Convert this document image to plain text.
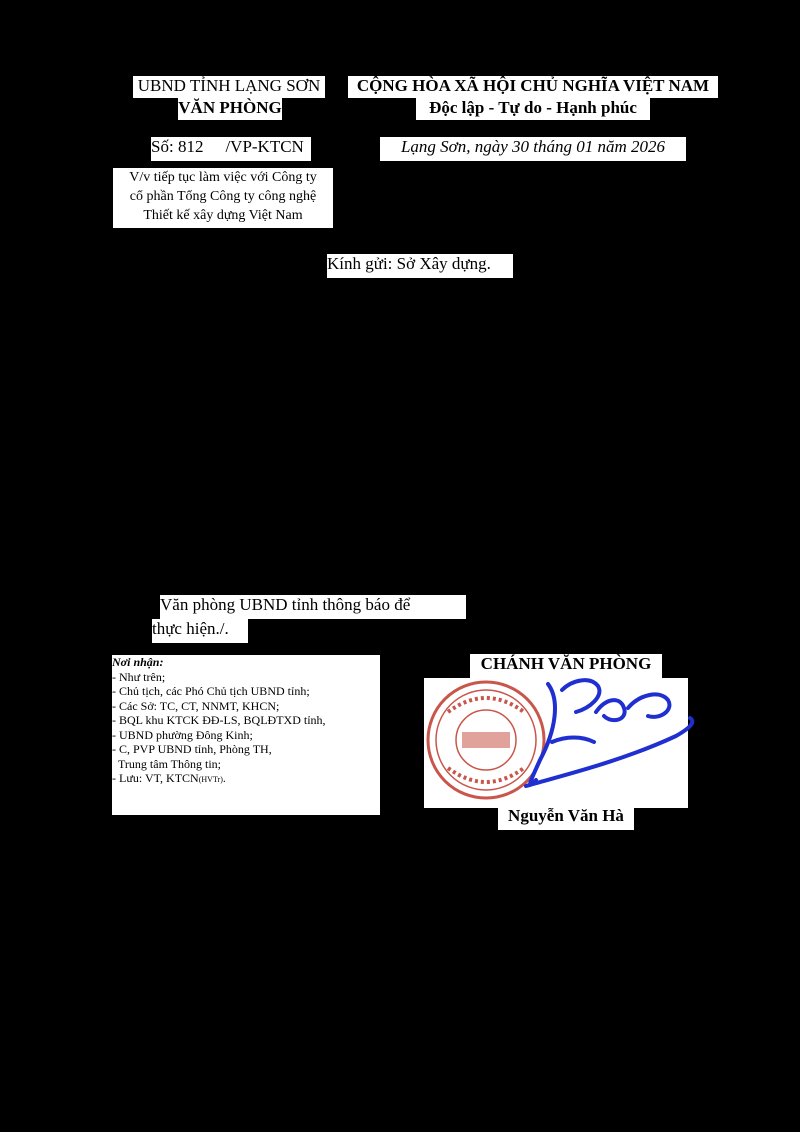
UBND TỈNH LẠNG SƠN
VĂN PHÒNG
Số: 812 /VP-KTCN
V/v tiếp tục làm việc với Công ty
cổ phần Tổng Công ty công nghệ
Thiết kế xây dựng Việt Nam
CỘNG HÒA XÃ HỘI CHỦ NGHĨA VIỆT NAM
Độc lập - Tự do - Hạnh phúc
Lạng Sơn, ngày 30 tháng 01 năm 2026
Kính gửi: Sở Xây dựng.
Văn phòng UBND tỉnh thông báo để
thực hiện./.
Nơi nhận:
- Như trên;
- Chủ tịch, các Phó Chủ tịch UBND tỉnh;
- Các Sở: TC, CT, NNMT, KHCN;
- BQL khu KTCK ĐĐ-LS, BQLĐTXD tỉnh,
- UBND phường Đông Kinh;
- C, PVP UBND tỉnh, Phòng TH,
Trung tâm Thông tin;
- Lưu: VT, KTCN(HVTr).
CHÁNH VĂN PHÒNG
Nguyễn Văn Hà
